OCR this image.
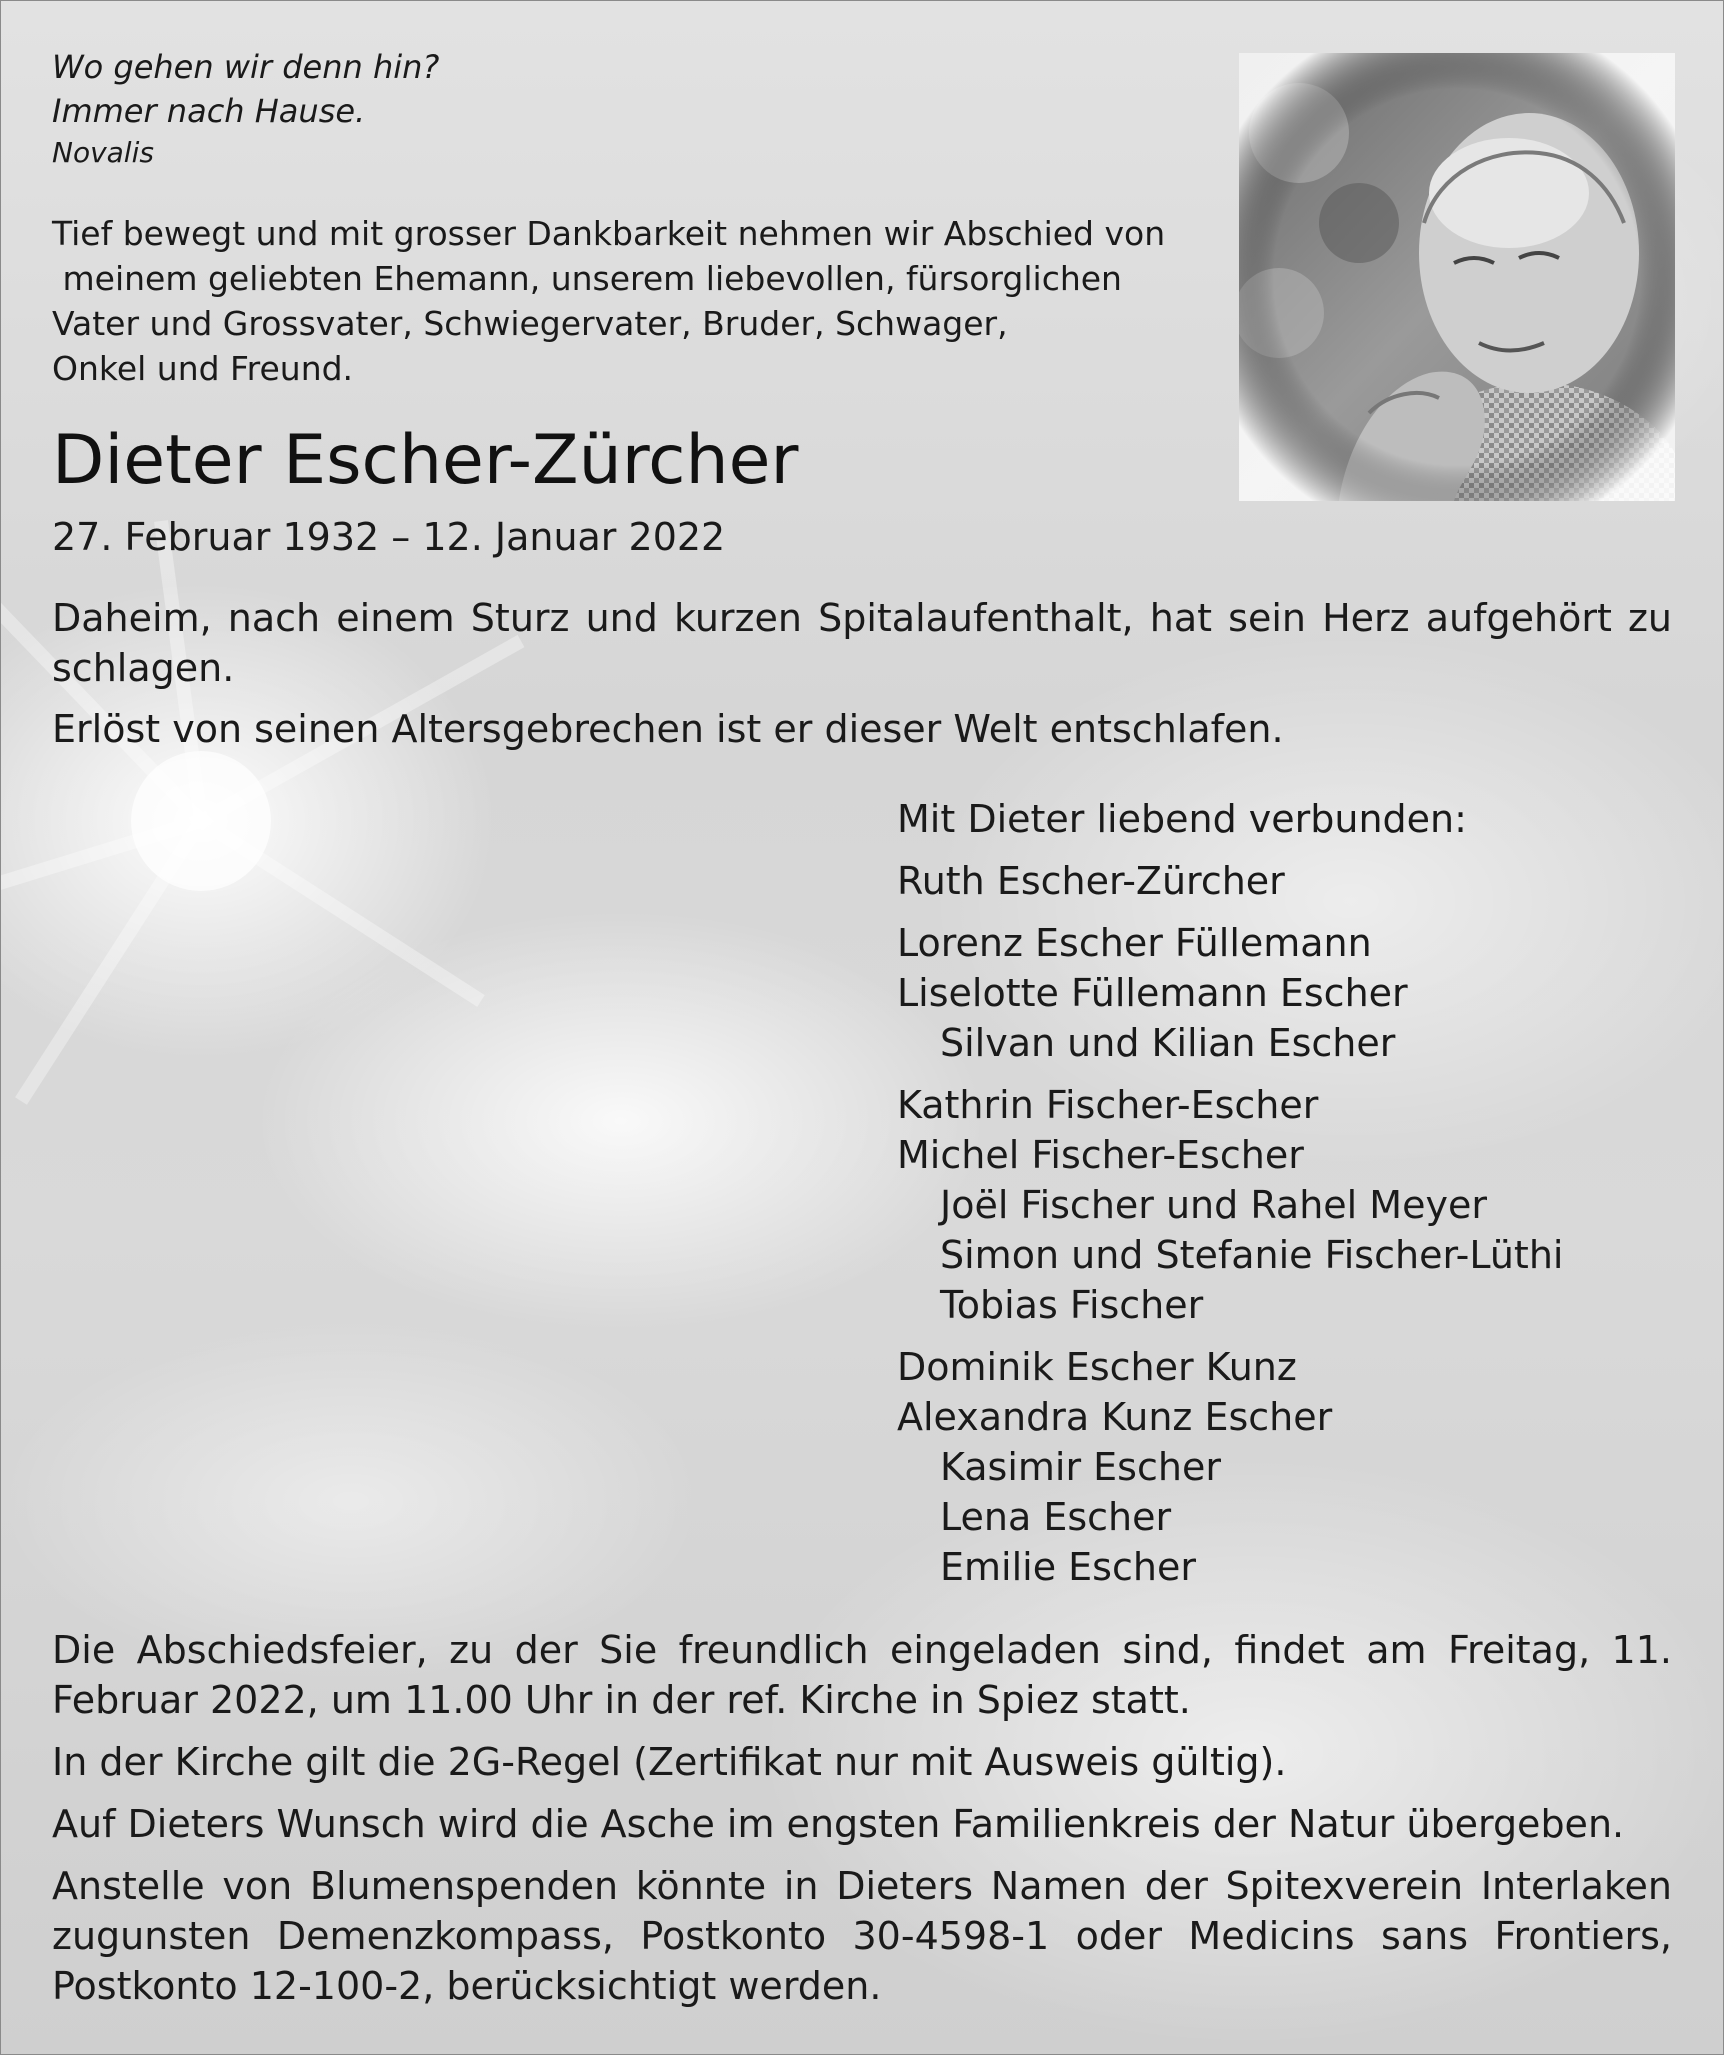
Wo gehen wir denn hin?
Immer nach Hause.
Novalis
Tief bewegt und mit grosser Dankbarkeit nehmen wir Abschied von
meinem geliebten Ehemann, unserem liebevollen, fürsorglichen
Vater und Grossvater, Schwiegervater, Bruder, Schwager,
Onkel und Freund.
Dieter Escher-Zürcher
27. Februar 1932 – 12. Januar 2022

Daheim, nach einem Sturz und kurzen Spitalaufenthalt, hat sein Herz aufgehört zu schlagen.

Erlöst von seinen Altersgebrechen ist er dieser Welt entschlafen.

Mit Dieter liebend verbunden:
Ruth Escher-Zürcher
Lorenz Escher Füllemann
Liselotte Füllemann Escher
Silvan und Kilian Escher
Kathrin Fischer-Escher
Michel Fischer-Escher
Joël Fischer und Rahel Meyer
Simon und Stefanie Fischer-Lüthi
Tobias Fischer
Dominik Escher Kunz
Alexandra Kunz Escher
Kasimir Escher
Lena Escher
Emilie Escher

Die Abschiedsfeier, zu der Sie freundlich eingeladen sind, findet am Freitag, 11. Februar 2022, um 11.00 Uhr in der ref. Kirche in Spiez statt.

In der Kirche gilt die 2G-Regel (Zertifikat nur mit Ausweis gültig).

Auf Dieters Wunsch wird die Asche im engsten Familienkreis der Natur übergeben.

Anstelle von Blumenspenden könnte in Dieters Namen der Spitexverein Interlaken zugunsten Demenzkompass, Postkonto 30-4598-1 oder Medicins sans Frontiers, Postkonto 12-100-2, berücksichtigt werden.
